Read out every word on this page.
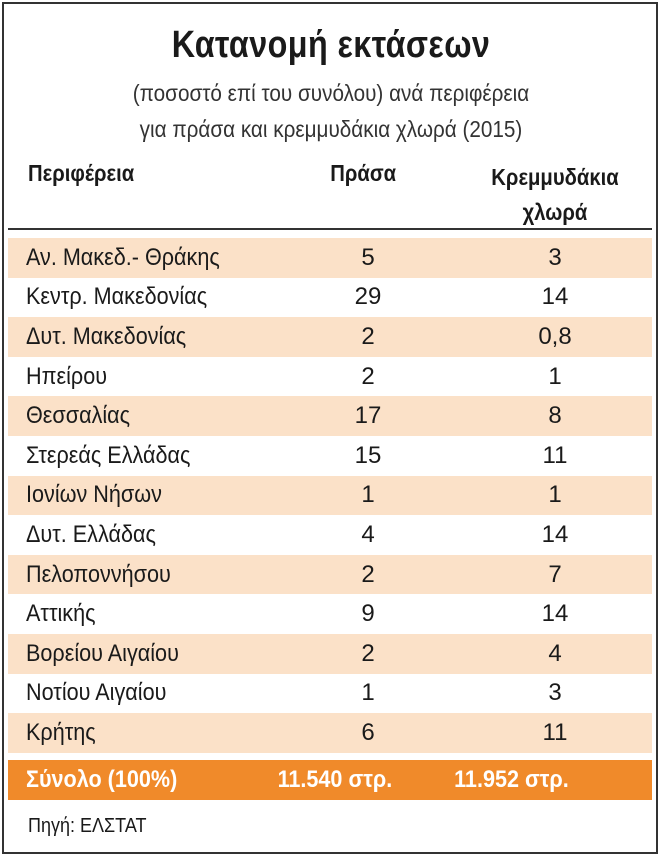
Κατανομή εκτάσεων
(ποσοστό επί του συνόλου) ανά περιφέρεια
για πράσα και κρεμμυδάκια χλωρά (2015)
Περιφέρεια	Πράσα	Κρεμμυδάκια
χλωρά
Αν. Μακεδ.- Θράκης	5	3
Κεντρ. Μακεδονίας	29	14
Δυτ. Μακεδονίας	2	0,8
Ηπείρου	2	1
Θεσσαλίας	17	8
Στερεάς Ελλάδας	15	11
Ιονίων Νήσων	1	1
Δυτ. Ελλάδας	4	14
Πελοποννήσου	2	7
Αττικής	9	14
Βορείου Αιγαίου	2	4
Νοτίου Αιγαίου	1	3
Κρήτης	6	11
Σύνολο (100%)	11.540 στρ.	11.952 στρ.
Πηγή: ΕΛΣΤΑΤ
